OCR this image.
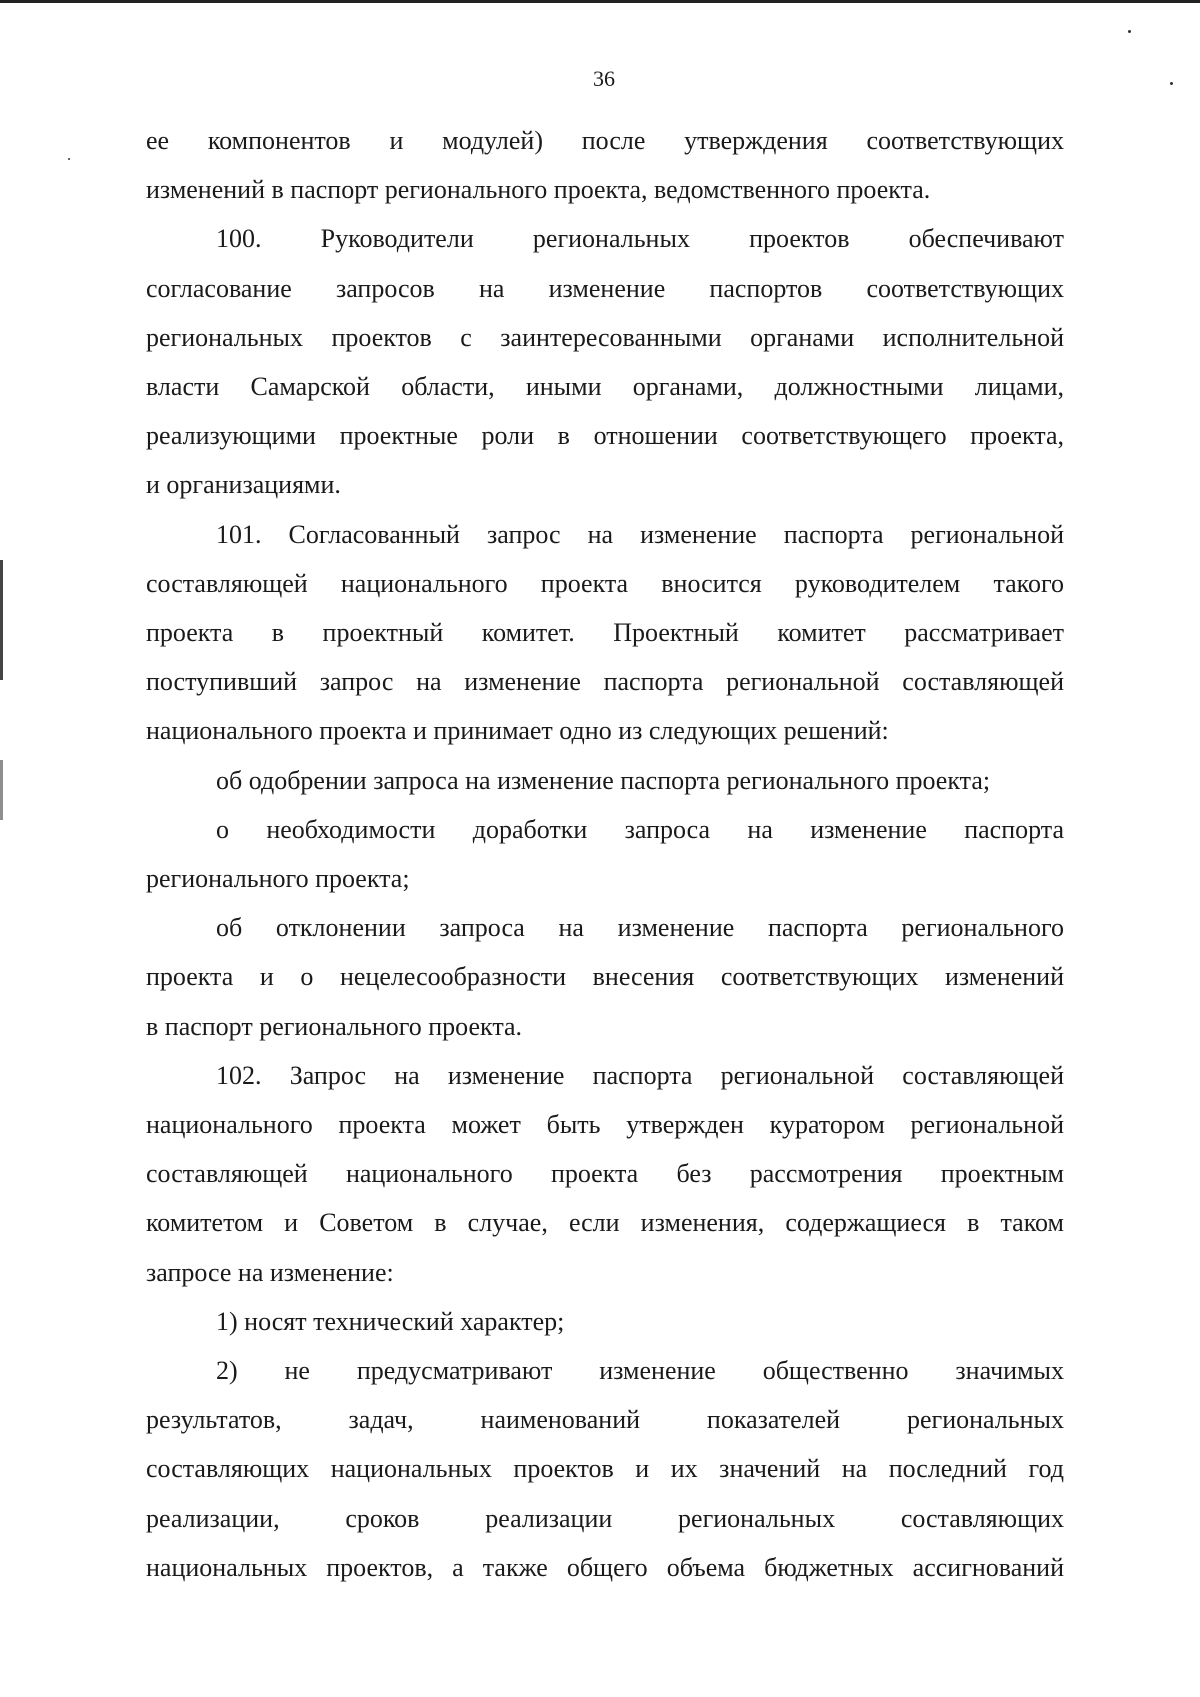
36
ее компонентов и модулей) после утверждения соответствующих
изменений в паспорт регионального проекта, ведомственного проекта.
100. Руководители региональных проектов обеспечивают
согласование запросов на изменение паспортов соответствующих
региональных проектов с заинтересованными органами исполнительной
власти Самарской области, иными органами, должностными лицами,
реализующими проектные роли в отношении соответствующего проекта,
и организациями.
101. Согласованный запрос на изменение паспорта региональной
составляющей национального проекта вносится руководителем такого
проекта в проектный комитет. Проектный комитет рассматривает
поступивший запрос на изменение паспорта региональной составляющей
национального проекта и принимает одно из следующих решений:
об одобрении запроса на изменение паспорта регионального проекта;
о необходимости доработки запроса на изменение паспорта
регионального проекта;
об отклонении запроса на изменение паспорта регионального
проекта и о нецелесообразности внесения соответствующих изменений
в паспорт регионального проекта.
102. Запрос на изменение паспорта региональной составляющей
национального проекта может быть утвержден куратором региональной
составляющей национального проекта без рассмотрения проектным
комитетом и Советом в случае, если изменения, содержащиеся в таком
запросе на изменение:
1) носят технический характер;
2) не предусматривают изменение общественно значимых
результатов, задач, наименований показателей региональных
составляющих национальных проектов и их значений на последний год
реализации, сроков реализации региональных составляющих
национальных проектов, а также общего объема бюджетных ассигнований
